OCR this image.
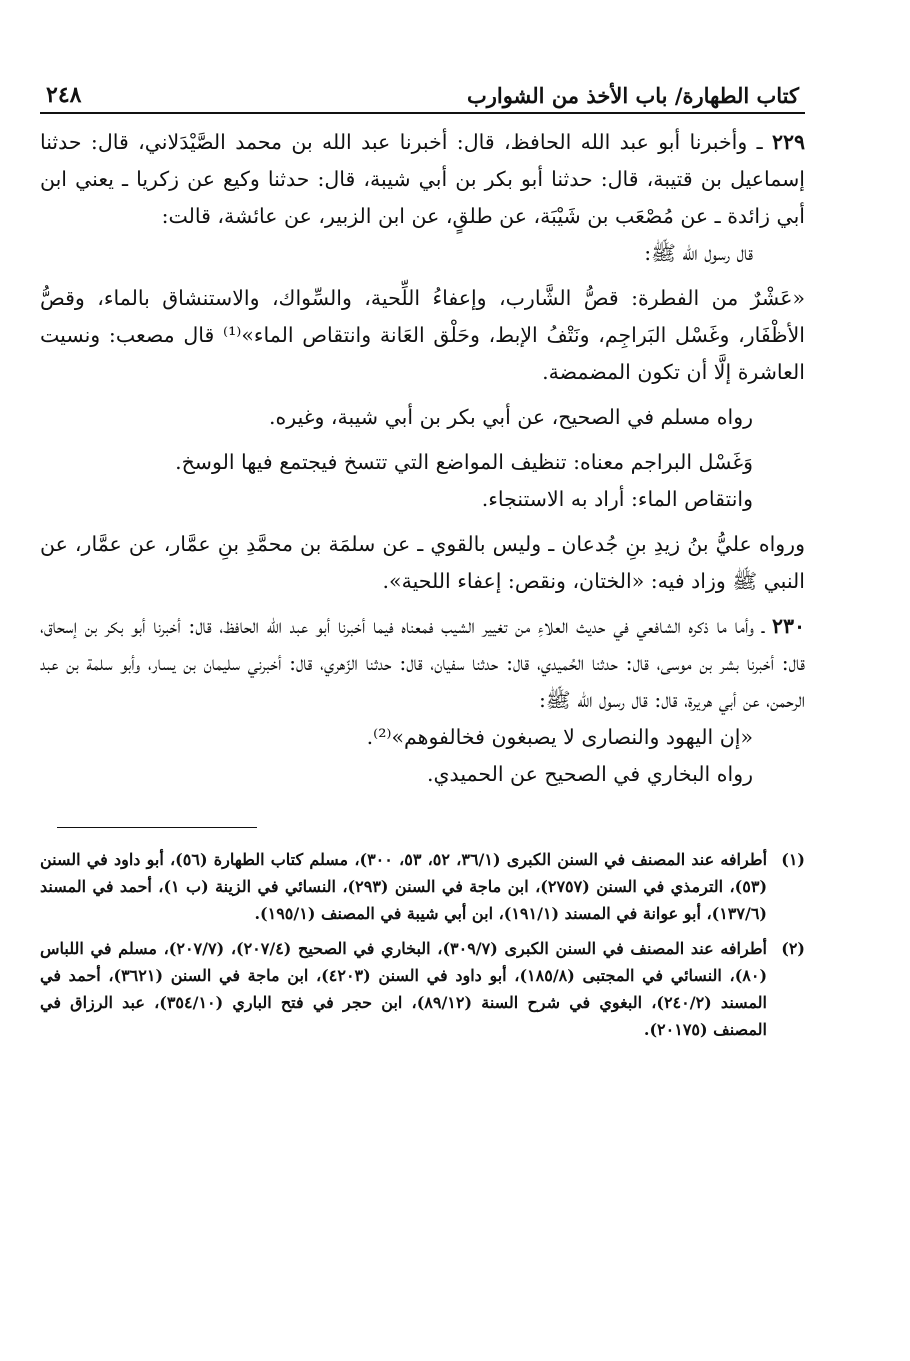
كتاب الطهارة/ باب الأخذ من الشوارب
٢٤٨

٢٢٩ ـ وأخبرنا أبو عبد الله الحافظ، قال: أخبرنا عبد الله بن محمد الصَّيْدَلاني، قال: حدثنا إسماعيل بن قتيبة، قال: حدثنا أبو بكر بن أبي شيبة، قال: حدثنا وكيع عن زكريا ـ يعني ابن أبي زائدة ـ عن مُصْعَب بن شَيْبَة، عن طلقٍ، عن ابن الزبير، عن عائشة، قالت:

قال رسول الله ﷺ:

«عَشْرٌ من الفطرة: قصُّ الشَّارب، وإعفاءُ اللِّحية، والسِّواك، والاستنشاق بالماء، وقصُّ الأظْفَار، وغَسْل البَراجِم، ونَتْفُ الإبط، وحَلْق العَانة وانتقاص الماء»⁽¹⁾ قال مصعب: ونسيت العاشرة إلَّا أن تكون المضمضة.

رواه مسلم في الصحيح، عن أبي بكر بن أبي شيبة، وغيره.

وَغَسْل البراجم معناه: تنظيف المواضع التي تتسخ فيجتمع فيها الوسخ.

وانتقاص الماء: أراد به الاستنجاء.

ورواه عليُّ بنُ زيدِ بنِ جُدعان ـ وليس بالقوي ـ عن سلمَة بن محمَّدِ بنِ عمَّار، عن عمَّار، عن النبي ﷺ وزاد فيه: «الختان، ونقص: إعفاء اللحية».

٢٣٠ ـ وأما ما ذكره الشافعي في حديث العلاءِ من تغيير الشيب فمعناه فيما أخبرنا أبو عبد الله الحافظ، قال: أخبرنا أبو بكر بن إسحاق، قال: أخبرنا بشر بن موسى، قال: حدثنا الحُميدي، قال: حدثنا سفيان، قال: حدثنا الزّهري، قال: أخبرني سليمان بن يسار، وأبو سلمة بن عبد الرحمن، عن أبي هريرة، قال: قال رسول الله ﷺ:

«إن اليهود والنصارى لا يصبغون فخالفوهم»⁽²⁾.

رواه البخاري في الصحيح عن الحميدي.

(١)
أطرافه عند المصنف في السنن الكبرى (٣٦/١، ٥٢، ٥٣، ٣٠٠)، مسلم كتاب الطهارة (٥٦)، أبو داود في السنن (٥٣)، الترمذي في السنن (٢٧٥٧)، ابن ماجة في السنن (٢٩٣)، النسائي في الزينة (ب ١)، أحمد في المسند (١٣٧/٦)، أبو عوانة في المسند (١٩١/١)، ابن أبي شيبة في المصنف (١٩٥/١).
(٢)
أطرافه عند المصنف في السنن الكبرى (٣٠٩/٧)، البخاري في الصحيح (٢٠٧/٤)، (٢٠٧/٧)، مسلم في اللباس (٨٠)، النسائي في المجتبى (١٨٥/٨)، أبو داود في السنن (٤٢٠٣)، ابن ماجة في السنن (٣٦٢١)، أحمد في المسند (٢٤٠/٢)، البغوي في شرح السنة (٨٩/١٢)، ابن حجر في فتح الباري (٣٥٤/١٠)، عبد الرزاق في المصنف (٢٠١٧٥).
